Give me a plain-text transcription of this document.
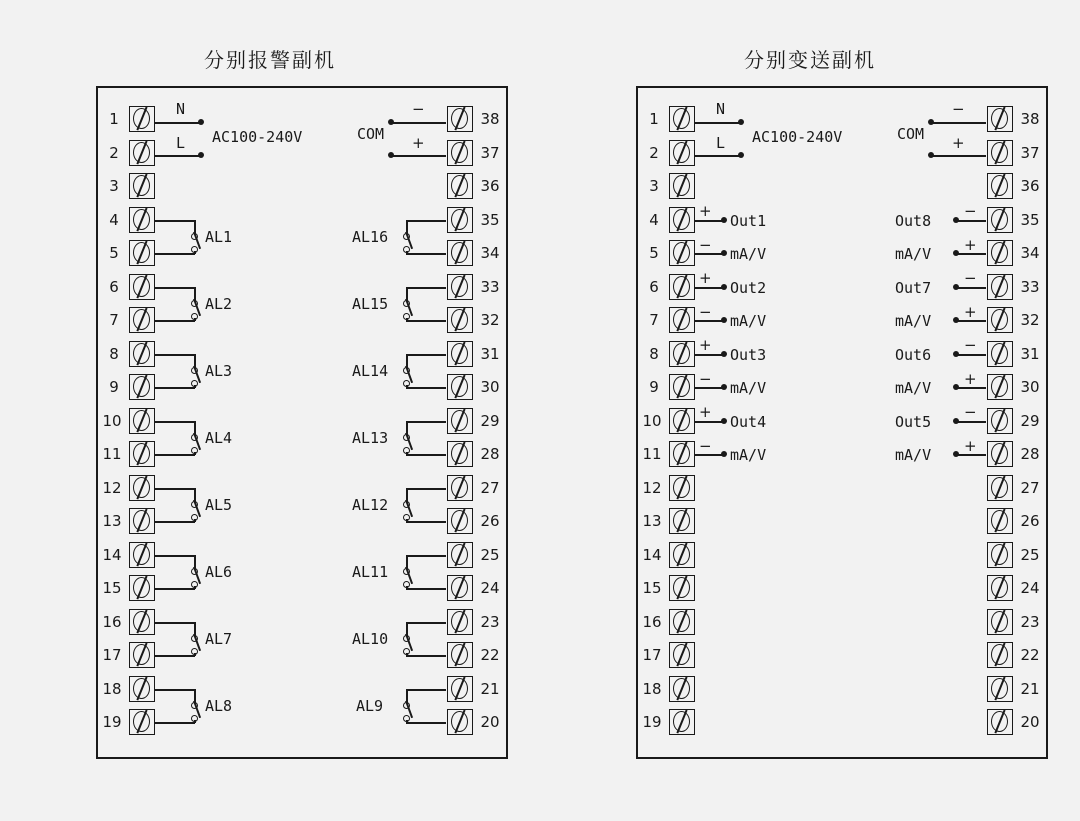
分别报警副机
1
2
3
4
5
6
7
8
9
10
11
12
13
14
15
16
17
18
19
38
37
36
35
34
33
32
31
30
29
28
27
26
25
24
23
22
21
20
N
L AC100-240V
−
+
COM
AL1
AL2
AL3
AL4
AL5
AL6
AL7
AL8
AL16
AL15
AL14
AL13
AL12
AL11
AL10
AL9
分别变送副机
1
2
3
4
5
6
7
8
9
10
11
12
13
14
15
16
17
18
19
38
37
36
35
34
33
32
31
30
29
28
27
26
25
24
23
22
21
20
N
L AC100-240V
−
+
COM
+
−
Out1
mA/V
+
−
Out2
mA/V
+
−
Out3
mA/V
+
−
Out4
mA/V
−
+
Out8
mA/V
−
+
Out7
mA/V
−
+
Out6
mA/V
−
+
Out5
mA/V
